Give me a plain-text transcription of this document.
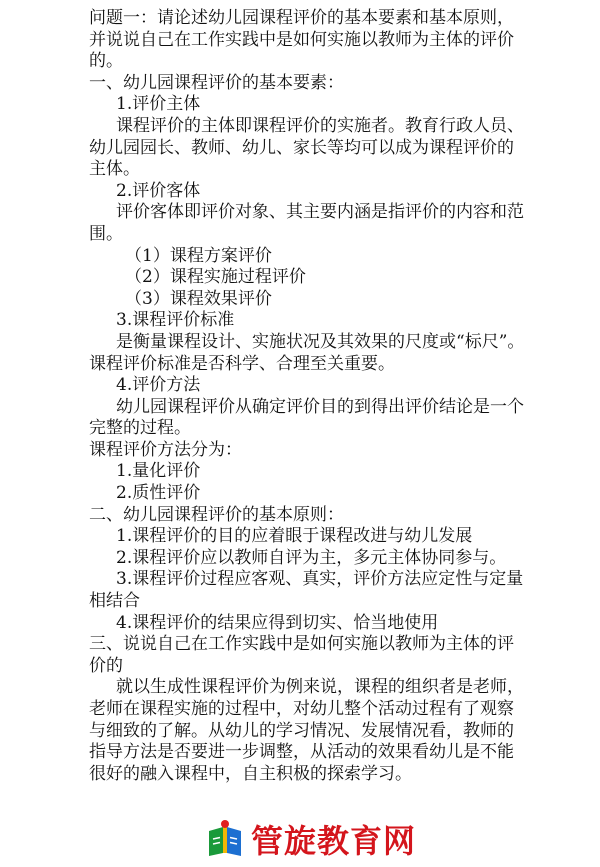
问题一：请论述幼儿园课程评价的基本要素和基本原则，并说说自己在工作实践中是如何实施以教师为主体的评价的。

一、幼儿园课程评价的基本要素：

1.评价主体

课程评价的主体即课程评价的实施者。教育行政人员、幼儿园园长、教师、幼儿、家长等均可以成为课程评价的主体。

2.评价客体

评价客体即评价对象、其主要内涵是指评价的内容和范围。

（1）课程方案评价

（2）课程实施过程评价

（3）课程效果评价

3.课程评价标准

是衡量课程设计、实施状况及其效果的尺度或“标尺”。课程评价标准是否科学、合理至关重要。

4.评价方法

幼儿园课程评价从确定评价目的到得出评价结论是一个完整的过程。

课程评价方法分为：

1.量化评价

2.质性评价

二、幼儿园课程评价的基本原则：

1.课程评价的目的应着眼于课程改进与幼儿发展

2.课程评价应以教师自评为主，多元主体协同参与。

3.课程评价过程应客观、真实，评价方法应定性与定量相结合

4.课程评价的结果应得到切实、恰当地使用

三、说说自己在工作实践中是如何实施以教师为主体的评价的

就以生成性课程评价为例来说，课程的组织者是老师，老师在课程实施的过程中，对幼儿整个活动过程有了观察与细致的了解。从幼儿的学习情况、发展情况看，教师的指导方法是否要进一步调整，从活动的效果看幼儿是不能很好的融入课程中，自主积极的探索学习。

管旋教育网
